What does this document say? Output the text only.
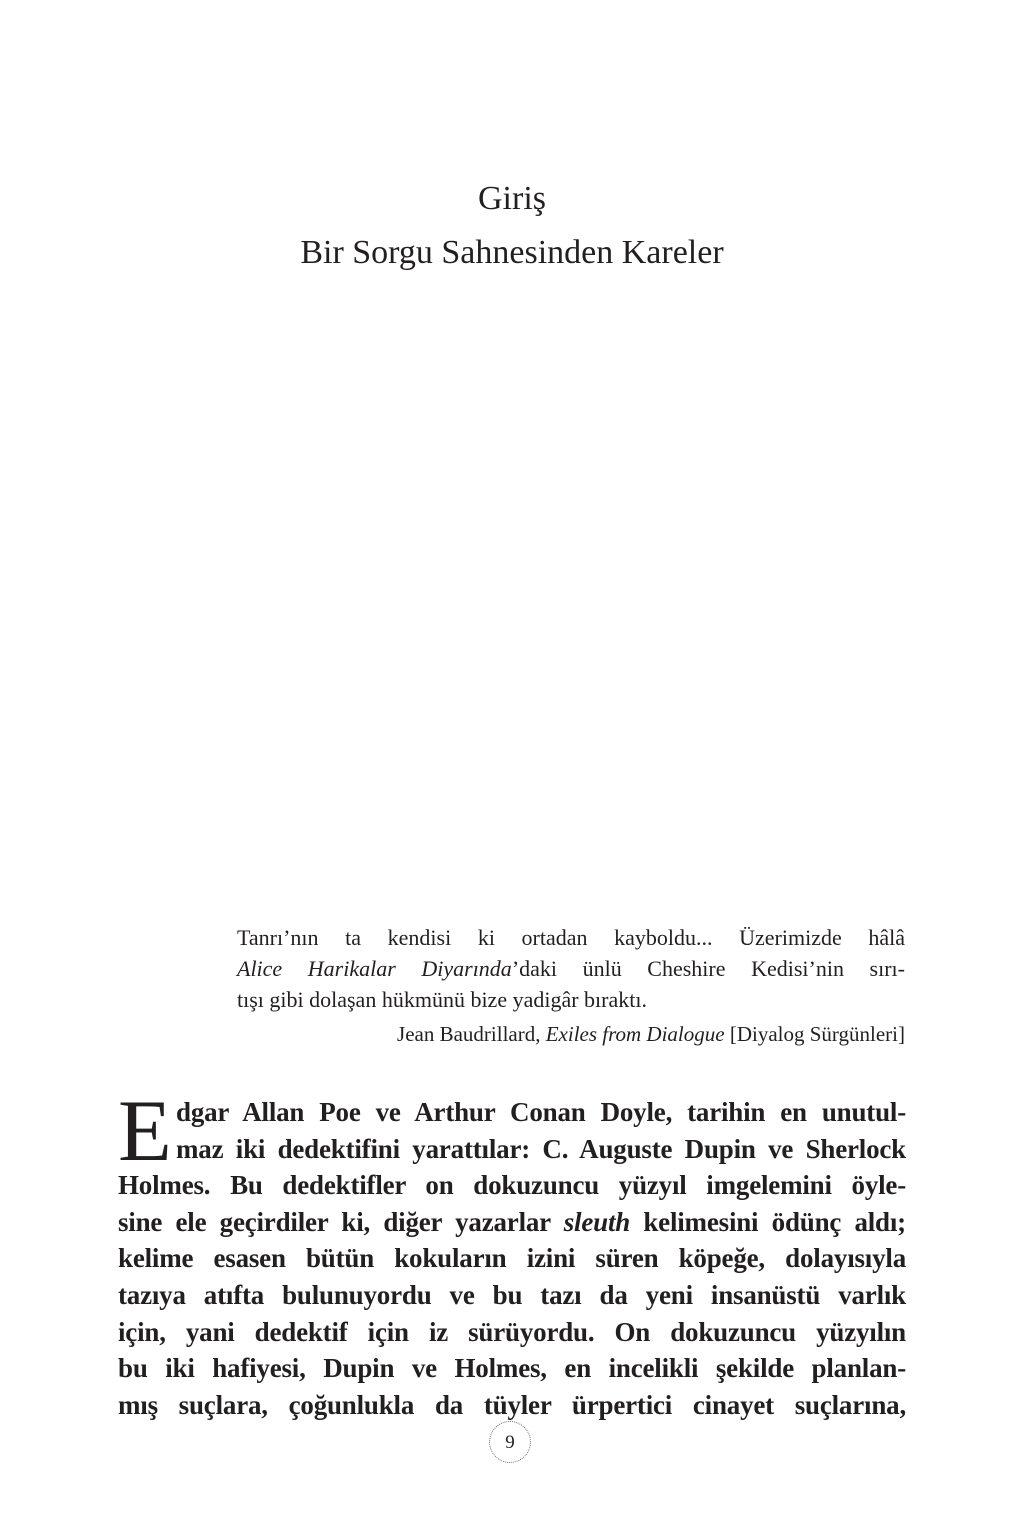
Giriş
Bir Sorgu Sahnesinden Kareler
Tanrı’nın ta kendisi ki ortadan kayboldu... Üzerimizde hâlâ
Alice Harikalar Diyarında’daki ünlü Cheshire Kedisi’nin sırı-
tışı gibi dolaşan hükmünü bize yadigâr bıraktı.
Jean Baudrillard, Exiles from Dialogue [Diyalog Sürgünleri]
E dgar Allan Poe ve Arthur Conan Doyle, tarihin en unutul-
maz iki dedektifini yarattılar: C. Auguste Dupin ve Sherlock
Holmes. Bu dedektifler on dokuzuncu yüzyıl imgelemini öyle-
sine ele geçirdiler ki, diğer yazarlar sleuth kelimesini ödünç aldı;
kelime esasen bütün kokuların izini süren köpeğe, dolayısıyla
tazıya atıfta bulunuyordu ve bu tazı da yeni insanüstü varlık
için, yani dedektif için iz sürüyordu. On dokuzuncu yüzyılın
bu iki hafiyesi, Dupin ve Holmes, en incelikli şekilde planlan-
mış suçlara, çoğunlukla da tüyler ürpertici cinayet suçlarına,
9
